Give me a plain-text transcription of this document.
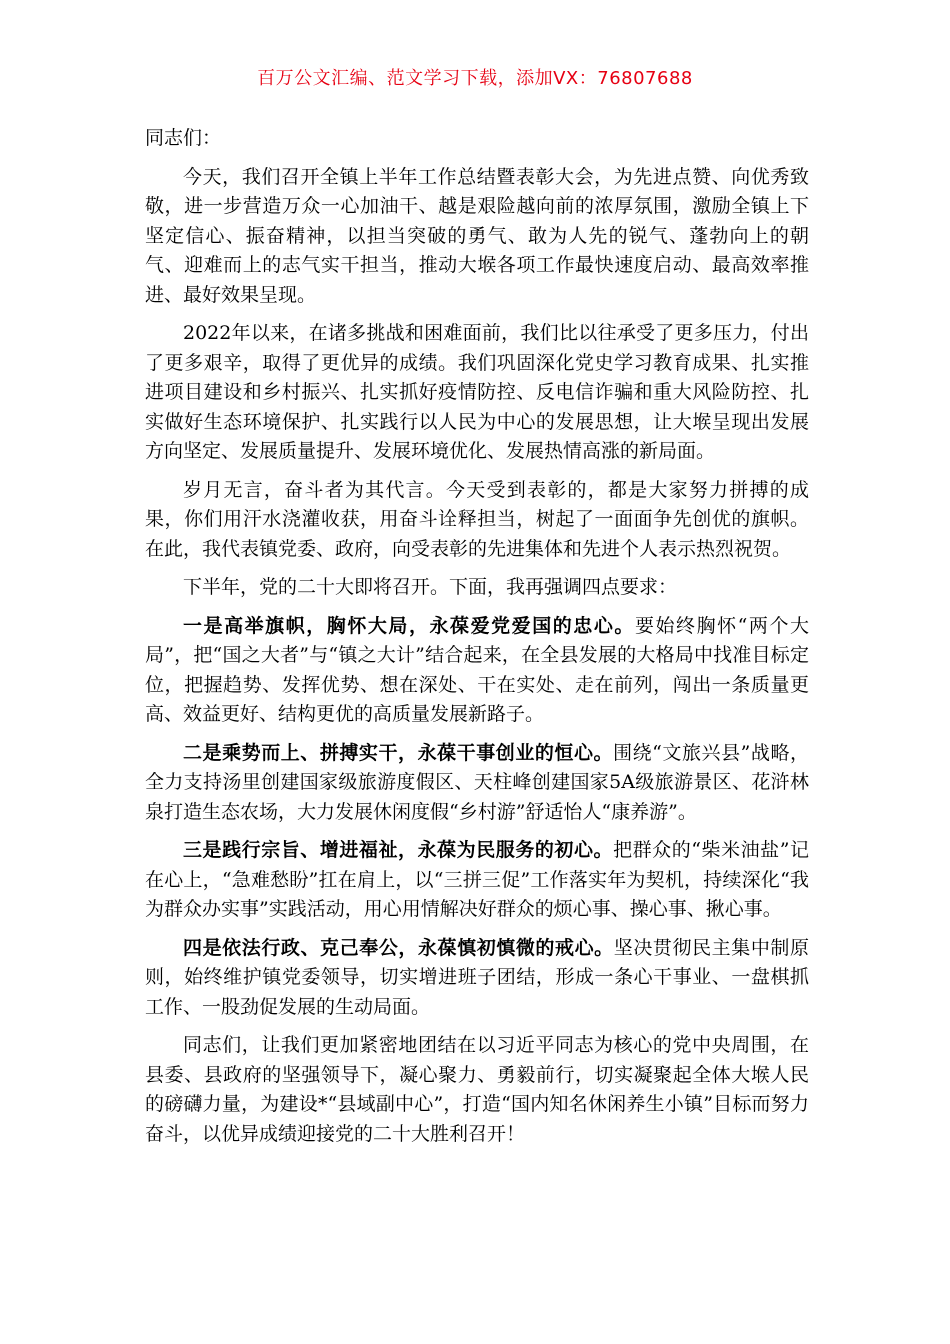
百万公文汇编、范文学习下载，添加VX：76807688

同志们：

今天，我们召开全镇上半年工作总结暨表彰大会，为先进点赞、向优秀致敬，进一步营造万众一心加油干、越是艰险越向前的浓厚氛围，激励全镇上下坚定信心、振奋精神，以担当突破的勇气、敢为人先的锐气、蓬勃向上的朝气、迎难而上的志气实干担当，推动大堠各项工作最快速度启动、最高效率推进、最好效果呈现。

2022年以来，在诸多挑战和困难面前，我们比以往承受了更多压力，付出了更多艰辛，取得了更优异的成绩。我们巩固深化党史学习教育成果、扎实推进项目建设和乡村振兴、扎实抓好疫情防控、反电信诈骗和重大风险防控、扎实做好生态环境保护、扎实践行以人民为中心的发展思想，让大堠呈现出发展方向坚定、发展质量提升、发展环境优化、发展热情高涨的新局面。

岁月无言，奋斗者为其代言。今天受到表彰的，都是大家努力拼搏的成果，你们用汗水浇灌收获，用奋斗诠释担当，树起了一面面争先创优的旗帜。在此，我代表镇党委、政府，向受表彰的先进集体和先进个人表示热烈祝贺。

下半年，党的二十大即将召开。下面，我再强调四点要求：

一是高举旗帜，胸怀大局，永葆爱党爱国的忠心。要始终胸怀“两个大局”，把“国之大者”与“镇之大计”结合起来，在全县发展的大格局中找准目标定位，把握趋势、发挥优势、想在深处、干在实处、走在前列，闯出一条质量更高、效益更好、结构更优的高质量发展新路子。

二是乘势而上、拼搏实干，永葆干事创业的恒心。围绕“文旅兴县”战略，全力支持汤里创建国家级旅游度假区、天柱峰创建国家5A级旅游景区、花浒林泉打造生态农场，大力发展休闲度假“乡村游”舒适怡人“康养游”。

三是践行宗旨、增进福祉，永葆为民服务的初心。把群众的“柴米油盐”记在心上，“急难愁盼”扛在肩上，以“三拼三促”工作落实年为契机，持续深化“我为群众办实事”实践活动，用心用情解决好群众的烦心事、操心事、揪心事。

四是依法行政、克己奉公，永葆慎初慎微的戒心。坚决贯彻民主集中制原则，始终维护镇党委领导，切实增进班子团结，形成一条心干事业、一盘棋抓工作、一股劲促发展的生动局面。

同志们，让我们更加紧密地团结在以习近平同志为核心的党中央周围，在县委、县政府的坚强领导下，凝心聚力、勇毅前行，切实凝聚起全体大堠人民的磅礴力量，为建设*“县域副中心”，打造“国内知名休闲养生小镇”目标而努力奋斗，以优异成绩迎接党的二十大胜利召开！
